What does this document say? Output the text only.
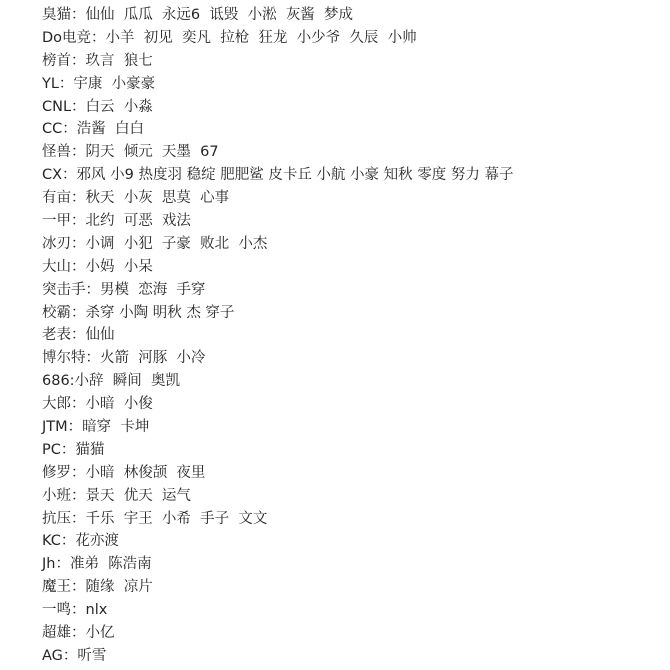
臭猫：仙仙  瓜瓜  永远6  诋毁  小淞  灰酱  梦成
Do电竞：小羊  初见  奕凡  拉枪  狂龙  小少爷  久辰  小帅
榜首：玖言  狼七
YL：宇康  小豪豪
CNL：白云  小淼
CC：浩酱  白白
怪兽：阴天  倾元  天墨  67
CX：邪风 小9 热度羽 稳绽 肥肥鲨 皮卡丘 小航 小豪 知秋 零度 努力 幕子
有亩：秋天  小灰  思莫  心事
一甲：北约  可恶  戏法
冰刃：小调  小犯  子豪  败北  小杰
大山：小妈  小呆
突击手：男模  恋海  手穿
校霸：杀穿 小陶 明秋 杰 穿子
老表：仙仙
博尔特：火箭  河豚  小冷
686:小辞  瞬间  奥凯
大郎：小暗  小俊
JTM：暗穿  卡坤
PC：猫猫
修罗：小暗  林俊颉  夜里
小班：景天  优天  运气
抗压：千乐  宇王  小希  手子  文文
KC：花亦渡
Jh：准弟  陈浩南
魔王：随缘  凉片
一鸣：nlx
超雄：小亿
AG：听雪
